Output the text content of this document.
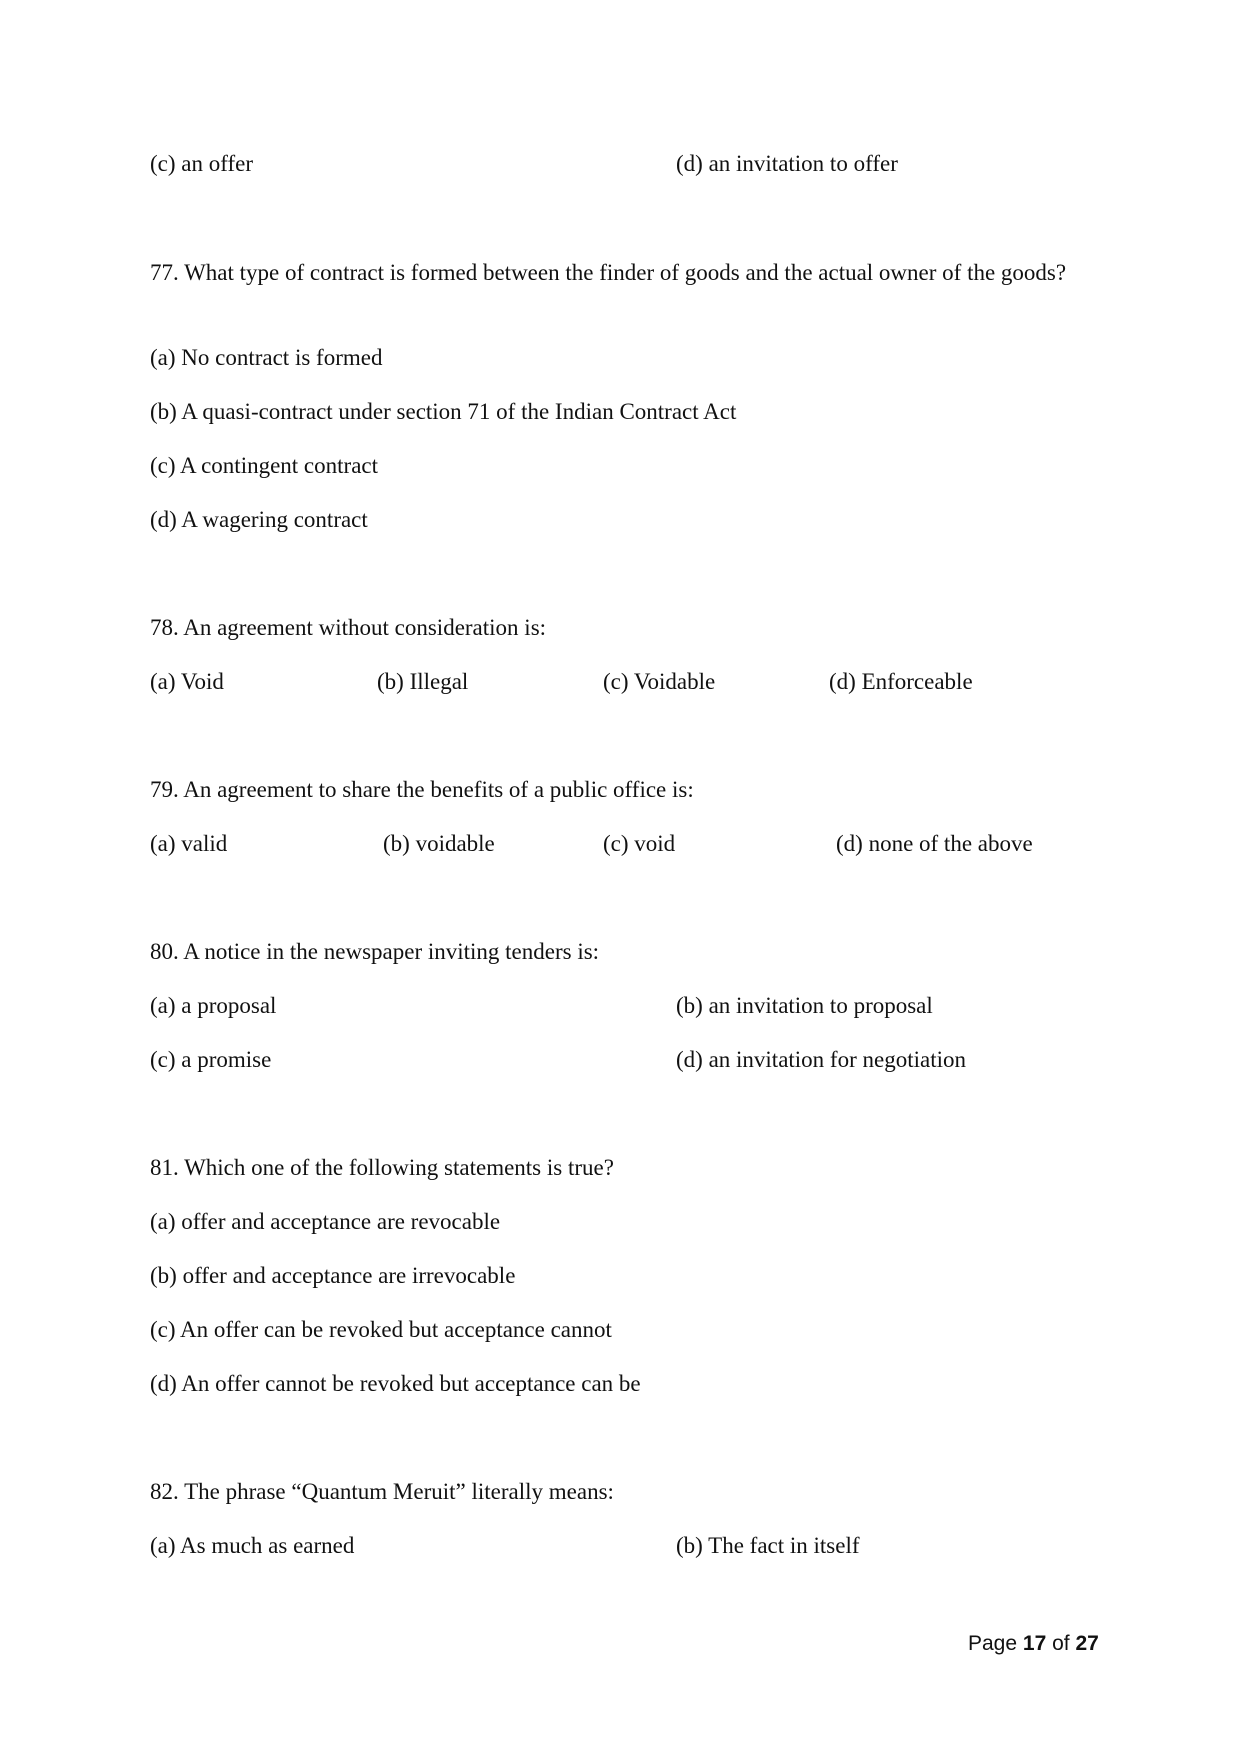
(c) an offer	(d) an invitation to offer
77. What type of contract is formed between the finder of goods and the actual owner of the goods?
(a) No contract is formed
(b) A quasi-contract under section 71 of the Indian Contract Act
(c) A contingent contract
(d) A wagering contract
78. An agreement without consideration is:
(a) Void	(b) Illegal	(c) Voidable	(d) Enforceable
79. An agreement to share the benefits of a public office is:
(a) valid	(b) voidable	(c) void	(d) none of the above
80. A notice in the newspaper inviting tenders is:
(a) a proposal	(b) an invitation to proposal
(c) a promise	(d) an invitation for negotiation
81. Which one of the following statements is true?
(a) offer and acceptance are revocable
(b) offer and acceptance are irrevocable
(c) An offer can be revoked but acceptance cannot
(d) An offer cannot be revoked but acceptance can be
82. The phrase “Quantum Meruit” literally means:
(a) As much as earned	(b) The fact in itself
Page 17 of 27
